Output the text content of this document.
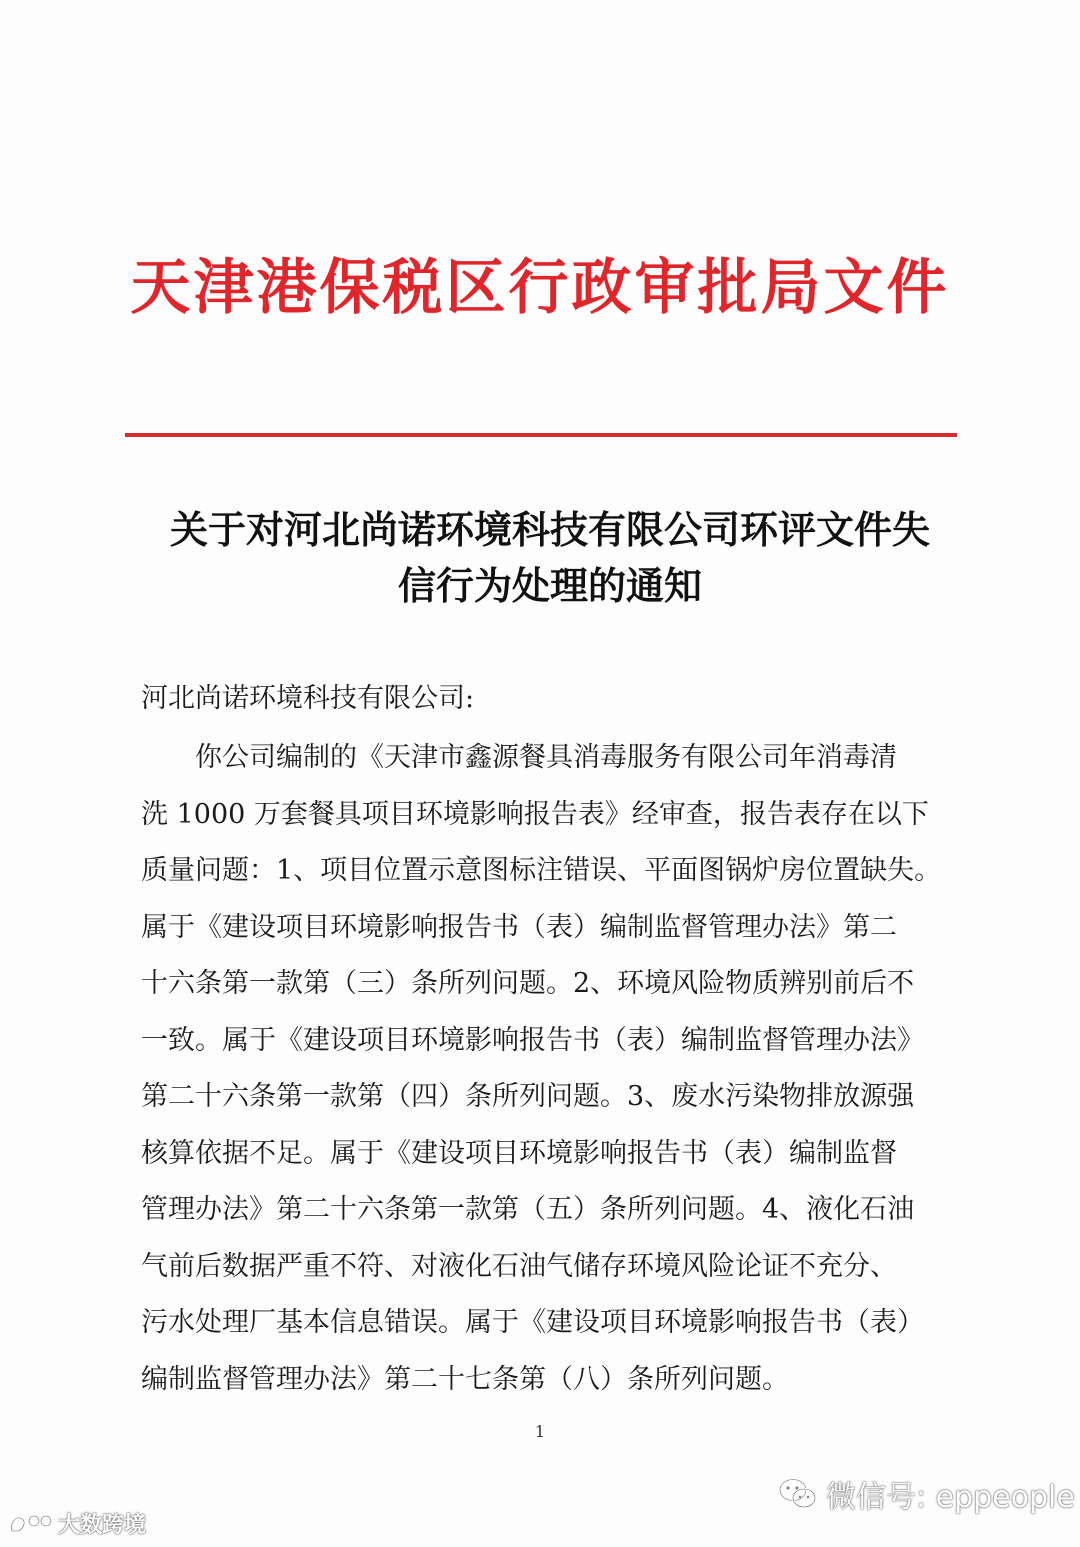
天津港保税区行政审批局文件
关于对河北尚诺环境科技有限公司环评文件失
信行为处理的通知
河北尚诺环境科技有限公司:
　　你公司编制的《天津市鑫源餐具消毒服务有限公司年消毒清
洗 1000 万套餐具项目环境影响报告表》经审查，报告表存在以下
质量问题：1、项目位置示意图标注错误、平面图锅炉房位置缺失。
属于《建设项目环境影响报告书（表）编制监督管理办法》第二
十六条第一款第（三）条所列问题。2、环境风险物质辨别前后不
一致。属于《建设项目环境影响报告书（表）编制监督管理办法》
第二十六条第一款第（四）条所列问题。3、废水污染物排放源强
核算依据不足。属于《建设项目环境影响报告书（表）编制监督
管理办法》第二十六条第一款第（五）条所列问题。4、液化石油
气前后数据严重不符、对液化石油气储存环境风险论证不充分、
污水处理厂基本信息错误。属于《建设项目环境影响报告书（表）
编制监督管理办法》第二十七条第（八）条所列问题。
1
微信号: eppeople
大数跨境
